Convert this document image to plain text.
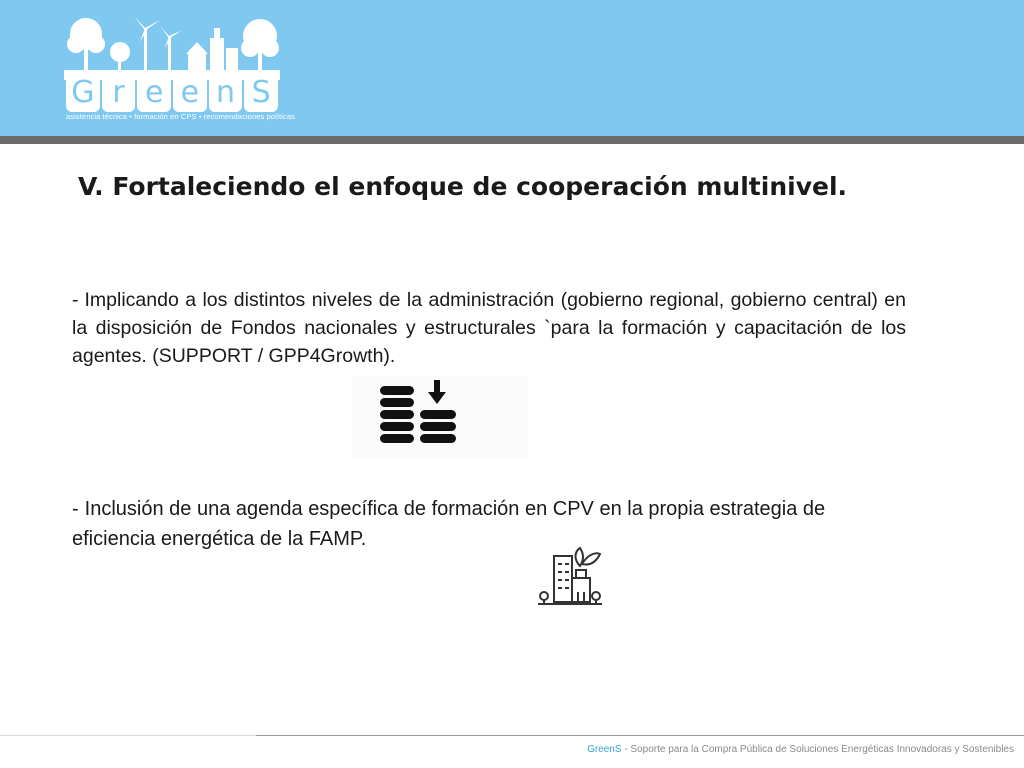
G r e e n S
asistencia técnica • formación en CPS • recomendaciones políticas
V. Fortaleciendo el enfoque de cooperación multinivel.

- Implicando a los distintos niveles de la administración (gobierno regional, gobierno central) en la disposición de Fondos nacionales y estructurales `para la formación y capacitación de los agentes. (SUPPORT / GPP4Growth).

- Inclusión de una agenda específica de formación en CPV en la propia estrategia de eficiencia energética de la FAMP.

GreenS - Soporte para la Compra Pública de Soluciones Energéticas Innovadoras y Sostenibles
